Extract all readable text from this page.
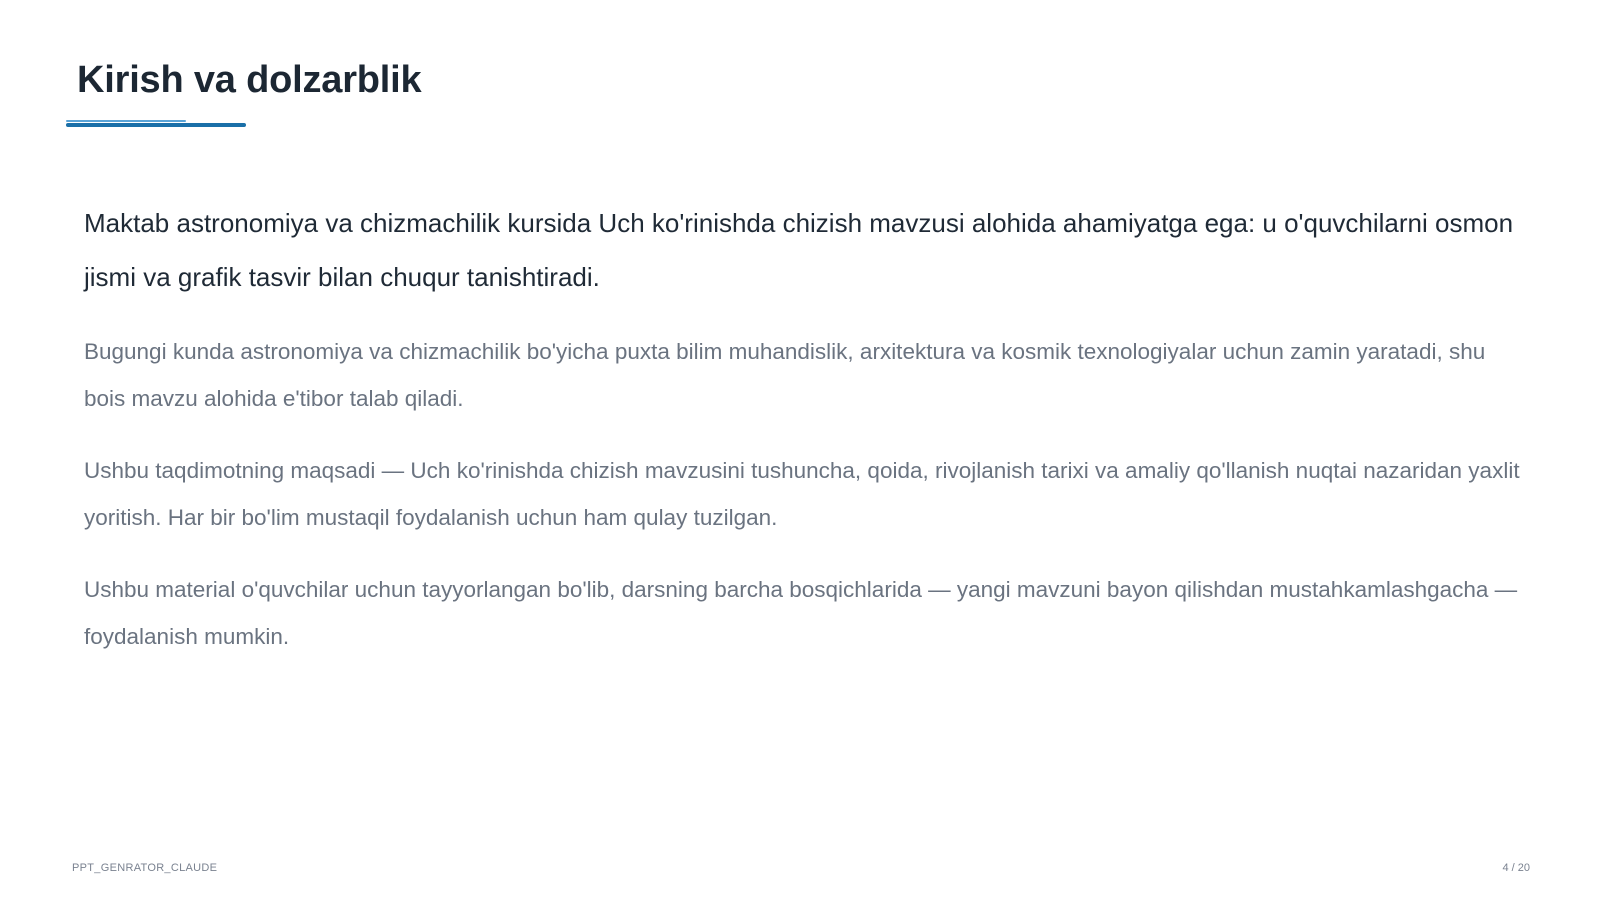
Kirish va dolzarblik

Maktab astronomiya va chizmachilik kursida Uch ko'rinishda chizish mavzusi alohida ahamiyatga ega: u o'quvchilarni osmon jismi va grafik tasvir bilan chuqur tanishtiradi.

Bugungi kunda astronomiya va chizmachilik bo'yicha puxta bilim muhandislik, arxitektura va kosmik texnologiyalar uchun zamin yaratadi, shu bois mavzu alohida e'tibor talab qiladi.

Ushbu taqdimotning maqsadi — Uch ko'rinishda chizish mavzusini tushuncha, qoida, rivojlanish tarixi va amaliy qo'llanish nuqtai nazaridan yaxlit yoritish. Har bir bo'lim mustaqil foydalanish uchun ham qulay tuzilgan.

Ushbu material o'quvchilar uchun tayyorlangan bo'lib, darsning barcha bosqichlarida — yangi mavzuni bayon qilishdan mustahkamlashgacha — foydalanish mumkin.

PPT_GENRATOR_CLAUDE	4 / 20
